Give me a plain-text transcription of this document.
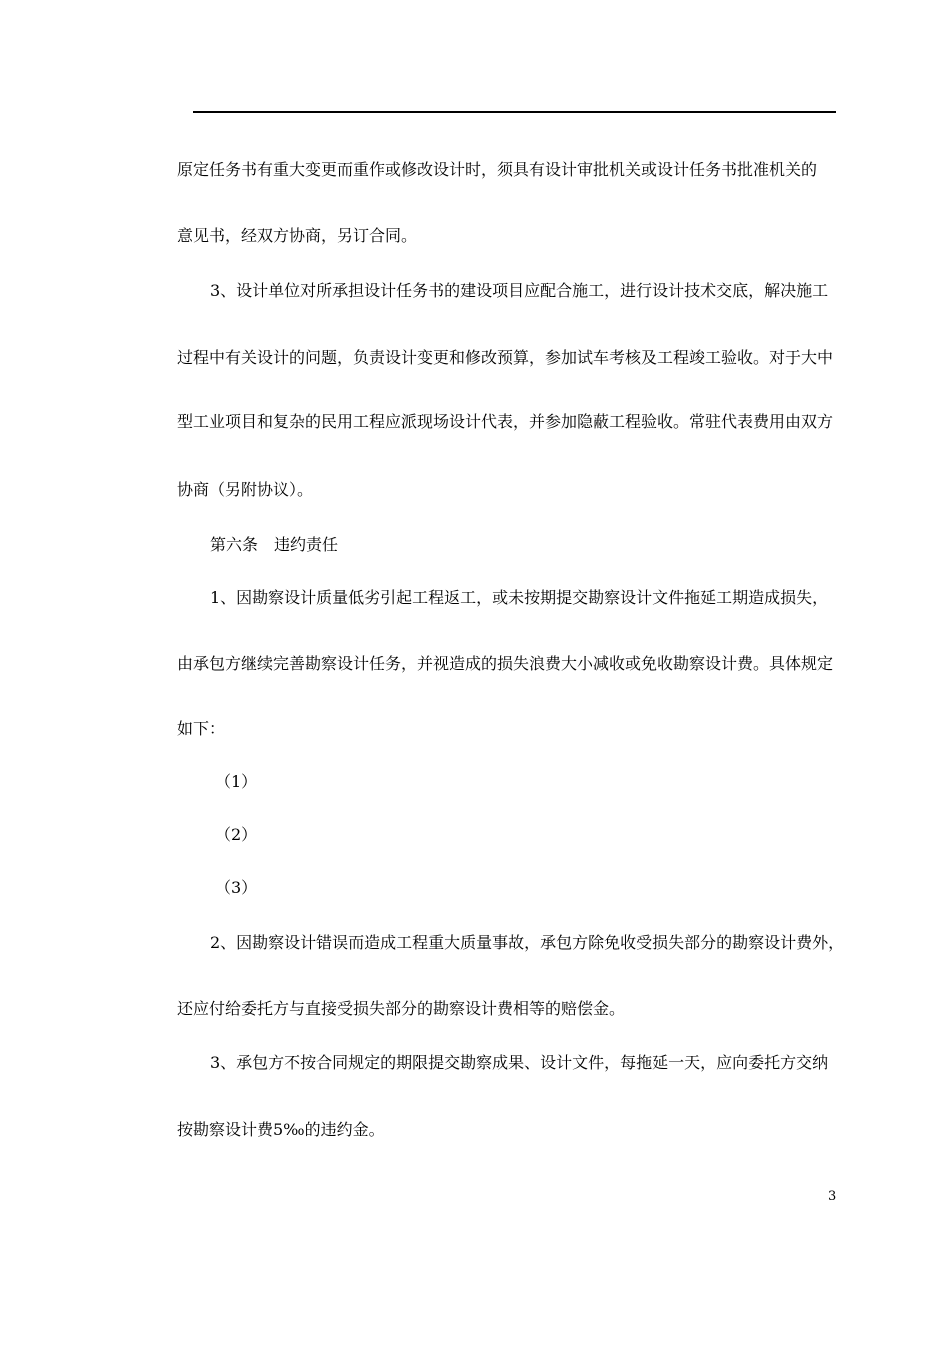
原定任务书有重大变更而重作或修改设计时，须具有设计审批机关或设计任务书批准机关的
意见书，经双方协商，另订合同。
3、设计单位对所承担设计任务书的建设项目应配合施工，进行设计技术交底，解决施工
过程中有关设计的问题，负责设计变更和修改预算，参加试车考核及工程竣工验收。对于大中
型工业项目和复杂的民用工程应派现场设计代表，并参加隐蔽工程验收。常驻代表费用由双方
协商（另附协议）。
第六条　违约责任
1、因勘察设计质量低劣引起工程返工，或未按期提交勘察设计文件拖延工期造成损失，
由承包方继续完善勘察设计任务，并视造成的损失浪费大小减收或免收勘察设计费。具体规定
如下：
（1）
（2）
（3）
2、因勘察设计错误而造成工程重大质量事故，承包方除免收受损失部分的勘察设计费外，
还应付给委托方与直接受损失部分的勘察设计费相等的赔偿金。
3、承包方不按合同规定的期限提交勘察成果、设计文件，每拖延一天，应向委托方交纳
按勘察设计费5‰的违约金。
3
